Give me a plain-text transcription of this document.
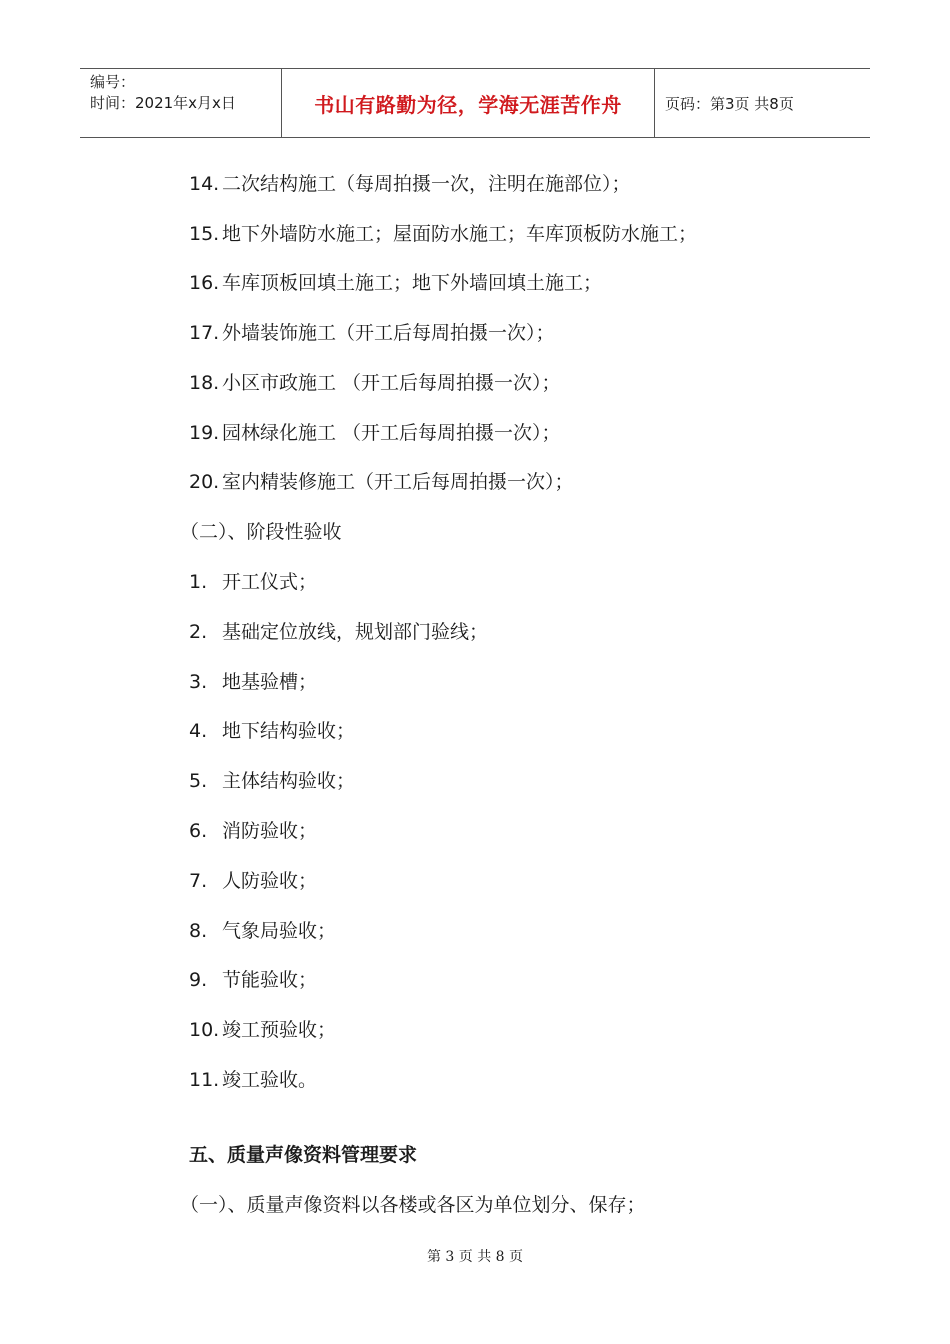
编号：
时间：2021年x月x日	书山有路勤为径，学海无涯苦作舟	页码：第3页 共8页
14. 二次结构施工（每周拍摄一次，注明在施部位）；
15. 地下外墙防水施工；屋面防水施工；车库顶板防水施工；
16. 车库顶板回填土施工；地下外墙回填土施工；
17. 外墙装饰施工（开工后每周拍摄一次）；
18. 小区市政施工 （开工后每周拍摄一次）；
19. 园林绿化施工 （开工后每周拍摄一次）；
20. 室内精装修施工（开工后每周拍摄一次）；
（二）、阶段性验收
1. 开工仪式；
2. 基础定位放线，规划部门验线；
3. 地基验槽；
4. 地下结构验收；
5. 主体结构验收；
6. 消防验收；
7. 人防验收；
8. 气象局验收；
9. 节能验收；
10. 竣工预验收；
11. 竣工验收。
五、质量声像资料管理要求
（一）、质量声像资料以各楼或各区为单位划分、保存；
第 3 页 共 8 页
